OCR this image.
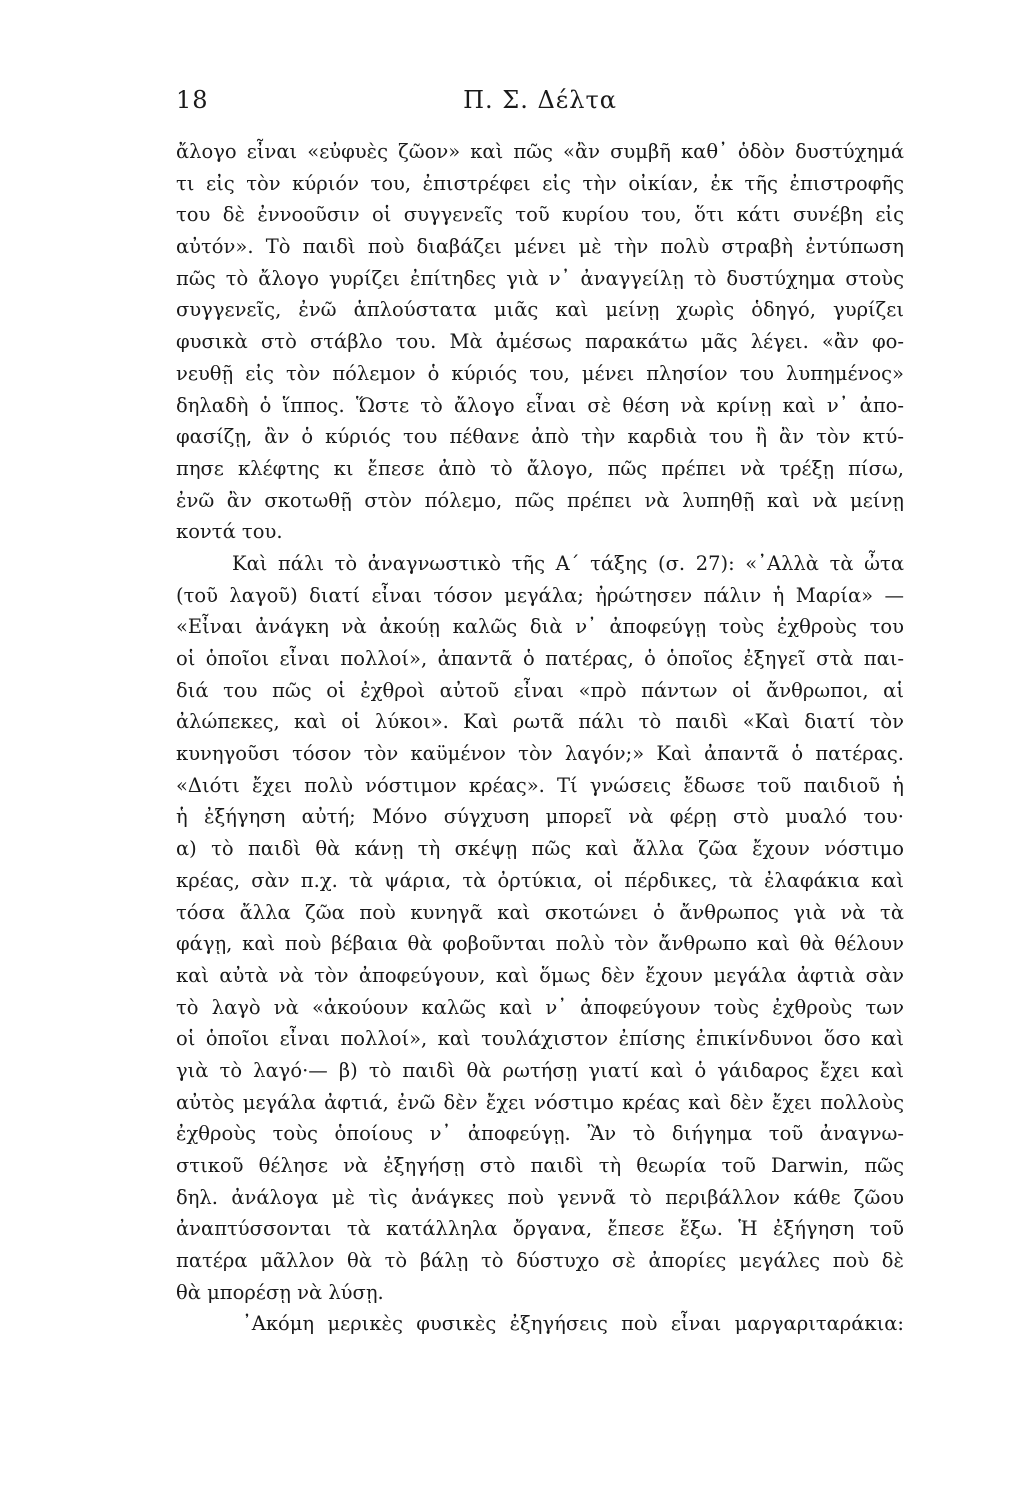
18	Π. Σ. Δέλτα
ἄλογο εἶναι «εὐφυὲς ζῶον» καὶ πῶς «ἂν συμβῆ καθ᾽ ὁδὸν δυστύχημά
τι εἰς τὸν κύριόν του, ἐπιστρέφει εἰς τὴν οἰκίαν, ἐκ τῆς ἐπιστροφῆς
του δὲ ἐννοοῦσιν οἱ συγγενεῖς τοῦ κυρίου του, ὅτι κάτι συνέβη εἰς
αὐτόν». Τὸ παιδὶ ποὺ διαβάζει μένει μὲ τὴν πολὺ στραβὴ ἐντύπωση
πῶς τὸ ἄλογο γυρίζει ἐπίτηδες γιὰ ν᾽ ἀναγγείλῃ τὸ δυστύχημα στοὺς
συγγενεῖς, ἐνῶ ἁπλούστατα μιᾶς καὶ μείνῃ χωρὶς ὁδηγό, γυρίζει
φυσικὰ στὸ στάβλο του. Μὰ ἀμέσως παρακάτω μᾶς λέγει. «ἂν φο-
νευθῇ εἰς τὸν πόλεμον ὁ κύριός του, μένει πλησίον του λυπημένος»
δηλαδὴ ὁ ἵππος. Ὥστε τὸ ἄλογο εἶναι σὲ θέση νὰ κρίνῃ καὶ ν᾽ ἀπο-
φασίζῃ, ἂν ὁ κύριός του πέθανε ἀπὸ τὴν καρδιὰ του ἢ ἂν τὸν κτύ-
πησε κλέφτης κι ἔπεσε ἀπὸ τὸ ἄλογο, πῶς πρέπει νὰ τρέξῃ πίσω,
ἐνῶ ἂν σκοτωθῇ στὸν πόλεμο, πῶς πρέπει νὰ λυπηθῇ καὶ νὰ μείνῃ
κοντά του.
Καὶ πάλι τὸ ἀναγνωστικὸ τῆς Α΄ τάξης (σ. 27): «᾽Αλλὰ τὰ ὦτα
(τοῦ λαγοῦ) διατί εἶναι τόσον μεγάλα; ἠρώτησεν πάλιν ἡ Μαρία» —
«Εἶναι ἀνάγκη νὰ ἀκούῃ καλῶς διὰ ν᾽ ἀποφεύγῃ τοὺς ἐχθροὺς του
οἱ ὁποῖοι εἶναι πολλοί», ἀπαντᾶ ὁ πατέρας, ὁ ὁποῖος ἐξηγεῖ στὰ παι-
διά του πῶς οἱ ἐχθροὶ αὐτοῦ εἶναι «πρὸ πάντων οἱ ἄνθρωποι, αἱ
ἀλώπεκες, καὶ οἱ λύκοι». Καὶ ρωτᾶ πάλι τὸ παιδὶ «Καὶ διατί τὸν
κυνηγοῦσι τόσον τὸν καϋμένον τὸν λαγόν;» Καὶ ἀπαντᾶ ὁ πατέρας.
«Διότι ἔχει πολὺ νόστιμον κρέας». Τί γνώσεις ἔδωσε τοῦ παιδιοῦ ἡ
ἡ ἐξήγηση αὐτή; Μόνο σύγχυση μπορεῖ νὰ φέρῃ στὸ μυαλό του·
α) τὸ παιδὶ θὰ κάνῃ τὴ σκέψῃ πῶς καὶ ἄλλα ζῶα ἔχουν νόστιμο
κρέας, σὰν π.χ. τὰ ψάρια, τὰ ὀρτύκια, οἱ πέρδικες, τὰ ἐλαφάκια καὶ
τόσα ἄλλα ζῶα ποὺ κυνηγᾶ καὶ σκοτώνει ὁ ἄνθρωπος γιὰ νὰ τὰ
φάγῃ, καὶ ποὺ βέβαια θὰ φοβοῦνται πολὺ τὸν ἄνθρωπο καὶ θὰ θέλουν
καὶ αὐτὰ νὰ τὸν ἀποφεύγουν, καὶ ὅμως δὲν ἔχουν μεγάλα ἀφτιὰ σὰν
τὸ λαγὸ νὰ «ἀκούουν καλῶς καὶ ν᾽ ἀποφεύγουν τοὺς ἐχθροὺς των
οἱ ὁποῖοι εἶναι πολλοί», καὶ τουλάχιστον ἐπίσης ἐπικίνδυνοι ὅσο καὶ
γιὰ τὸ λαγό·— β) τὸ παιδὶ θὰ ρωτήσῃ γιατί καὶ ὁ γάιδαρος ἔχει καὶ
αὐτὸς μεγάλα ἀφτιά, ἐνῶ δὲν ἔχει νόστιμο κρέας καὶ δὲν ἔχει πολλοὺς
ἐχθροὺς τοὺς ὁποίους ν᾽ ἀποφεύγῃ. Ἂν τὸ διήγημα τοῦ ἀναγνω-
στικοῦ θέλησε νὰ ἐξηγήσῃ στὸ παιδὶ τὴ θεωρία τοῦ Darwin, πῶς
δηλ. ἀνάλογα μὲ τὶς ἀνάγκες ποὺ γεννᾶ τὸ περιβάλλον κάθε ζῶου
ἀναπτύσσονται τὰ κατάλληλα ὄργανα, ἔπεσε ἔξω. Ἡ ἐξήγηση τοῦ
πατέρα μᾶλλον θὰ τὸ βάλῃ τὸ δύστυχο σὲ ἀπορίες μεγάλες ποὺ δὲ
θὰ μπορέσῃ νὰ λύσῃ.
᾽Ακόμη μερικὲς φυσικὲς ἐξηγήσεις ποὺ εἶναι μαργαριταράκια:
